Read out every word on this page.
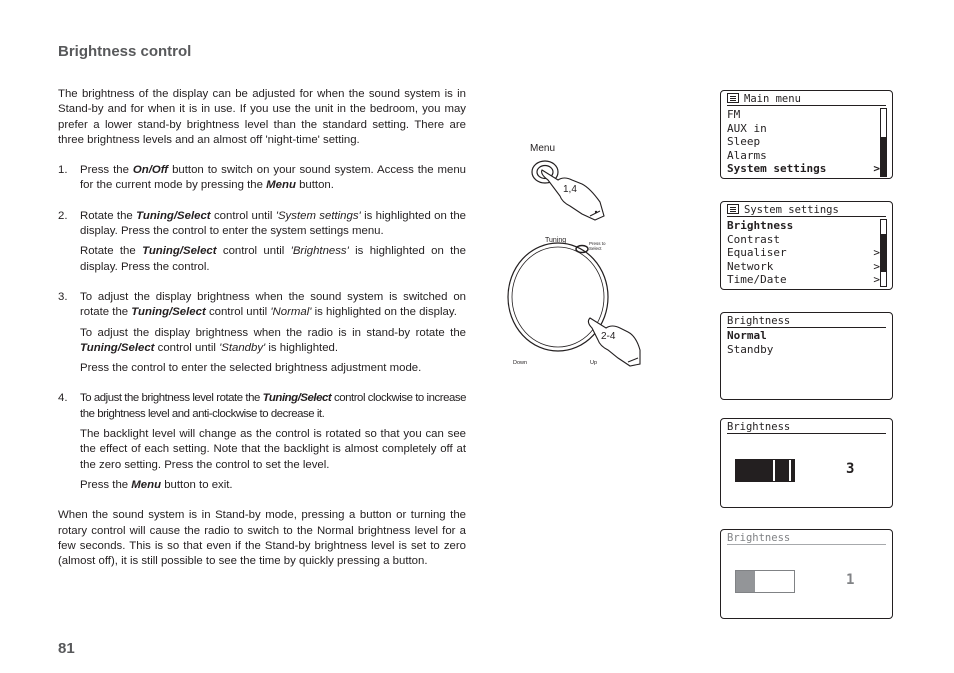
Brightness control

The brightness of the display can be adjusted for when the sound system is in Stand-by and for when it is in use. If you use the unit in the bedroom, you may prefer a lower stand-by brightness level than the standard setting. There are three brightness levels and an almost off 'night-time' setting.

1. Press the On/Off button to switch on your sound system. Access the menu for the current mode by pressing the Menu button.

2. Rotate the Tuning/Select control until 'System settings' is highlighted on the display. Press the control to enter the system settings menu.

Rotate the Tuning/Select control until 'Brightness' is highlighted on the display. Press the control.

3. To adjust the display brightness when the sound system is switched on rotate the Tuning/Select control until 'Normal' is highlighted on the display.

To adjust the display brightness when the radio is in stand-by rotate the Tuning/Select control until 'Standby' is highlighted.

Press the control to enter the selected brightness adjustment mode.

4. To adjust the brightness level rotate the Tuning/Select control clockwise to increase the brightness level and anti-clockwise to decrease it.

The backlight level will change as the control is rotated so that you can see the effect of each setting. Note that the backlight is almost completely off at the zero setting. Press the control to set the level.

Press the Menu button to exit.

When the sound system is in Stand-by mode, pressing a button or turning the rotary control will cause the radio to switch to the Normal brightness level for a few seconds. This is so that even if the Stand-by brightness level is set to zero (almost off), it is still possible to see the time by quickly pressing a button.

81
Menu
1,4
Tuning	Press to Select
2-4
Down	Up
Main menu
FM
AUX in
Sleep
Alarms
System settings	>
System settings
Brightness
Contrast
Equaliser	>
Network	>
Time/Date	>
Brightness
Normal
Standby
Brightness
3
Brightness
1
